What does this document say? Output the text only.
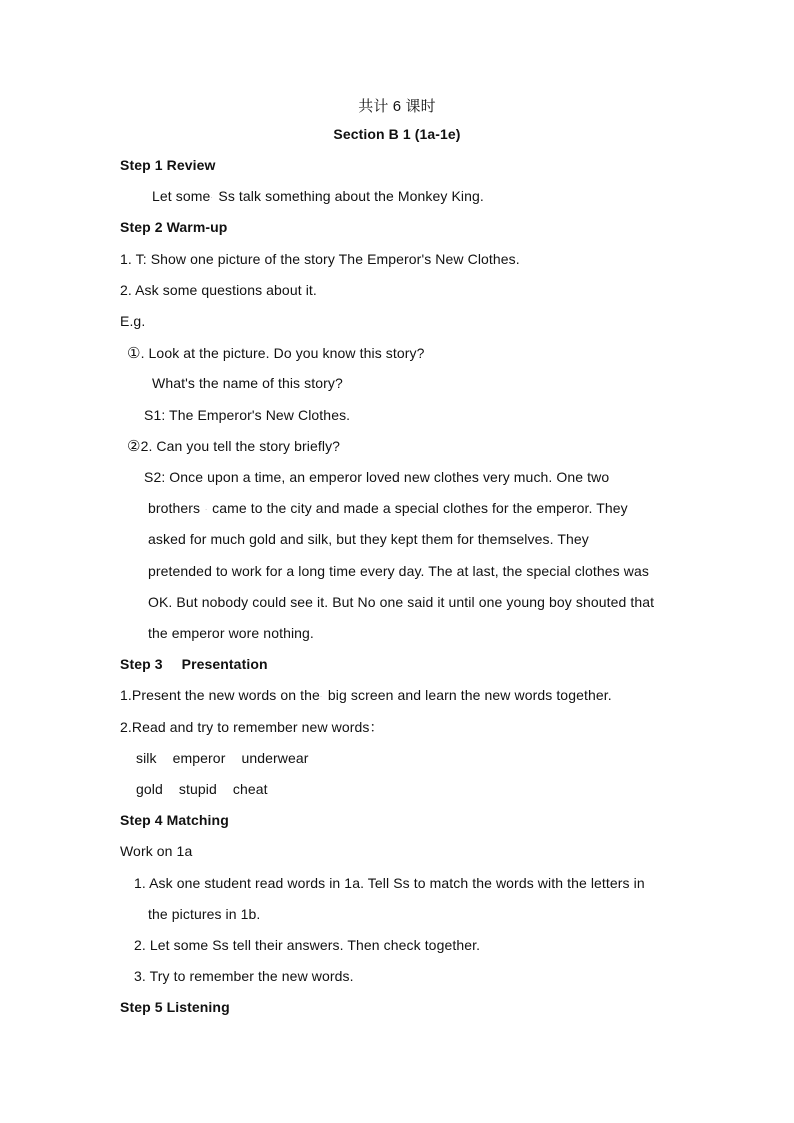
共计 6 课时
Section B 1 (1a-1e)
Step 1 Review
Let some. Ss talk something about the Monkey King.
Step 2 Warm-up
1. T: Show one picture of the story The Emperor's New Clothes.
2. Ask some questions about it.
E.g.
①. Look at the picture. Do you know this story?
What's the name of this story?
S1: The Emperor's New Clothes.
②2. Can you tell the story briefly?
S2: Once upon a time, an emperor loved new clothes very much. One two
brothers . came to the city and made a special clothes for the emperor. They
asked for much gold and silk, but they kept them for themselves. They
pretended to work for a long time every day. The at last, the special clothes was
OK. But nobody could see it. But No one said it until one young boy shouted that
the emperor wore nothing.
Step 3 Presentation
1.Present the new words on the. big screen and learn the new words together.
2.Read and try to remember new words：
silk emperor underwear
gold stupid cheat
Step 4 Matching
Work on 1a
1. Ask one student read words in 1a. Tell Ss to match the words with the letters in
the pictures in 1b.
2. Let some Ss tell their answers. Then check together.
3. Try to remember the new words.
Step 5 Listening
